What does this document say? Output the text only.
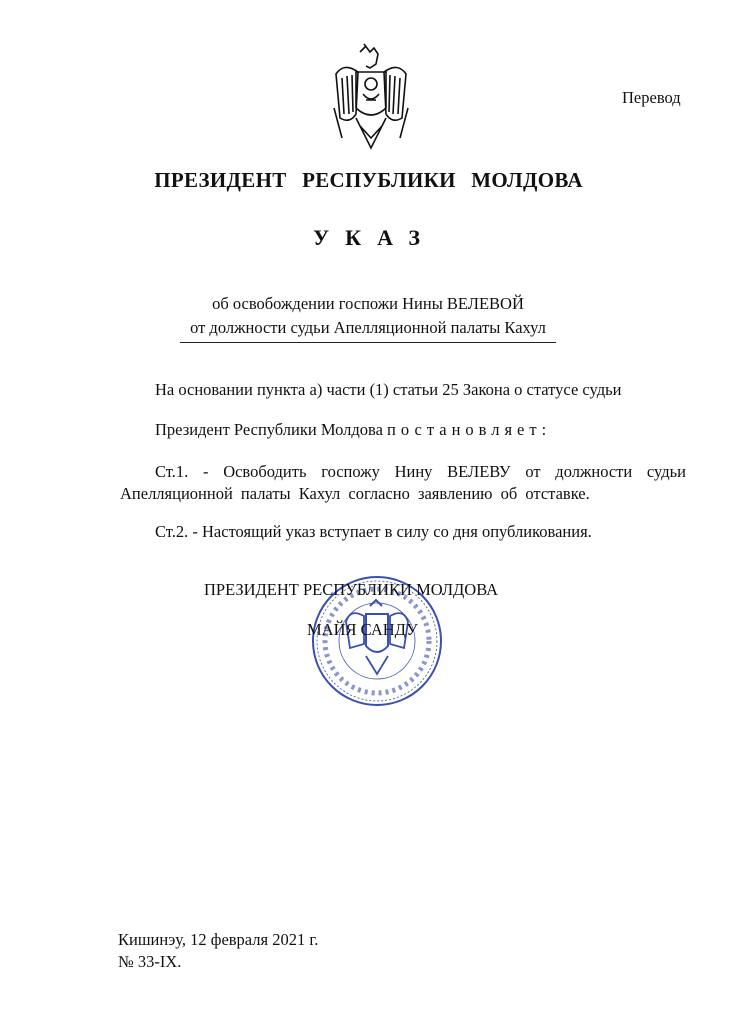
Перевод
ПРЕЗИДЕНТ РЕСПУБЛИКИ МОЛДОВА
УКАЗ
об освобождении госпожи Нины ВЕЛЕВОЙ
от должности судьи Апелляционной палаты Кахул
На основании пункта а) части (1) статьи 25 Закона о статусе судьи
Президент Республики Молдова постановляет:
Ст.1. - Освободить госпожу Нину ВЕЛЕВУ от должности судьи Апелляционной палаты Кахул согласно заявлению об отставке.
Ст.2. - Настоящий указ вступает в силу со дня опубликования.
ПРЕЗИДЕНТ РЕСПУБЛИКИ МОЛДОВА
МАЙЯ САНДУ
Кишинэу, 12 февраля 2021 г.
№ 33-IX.
